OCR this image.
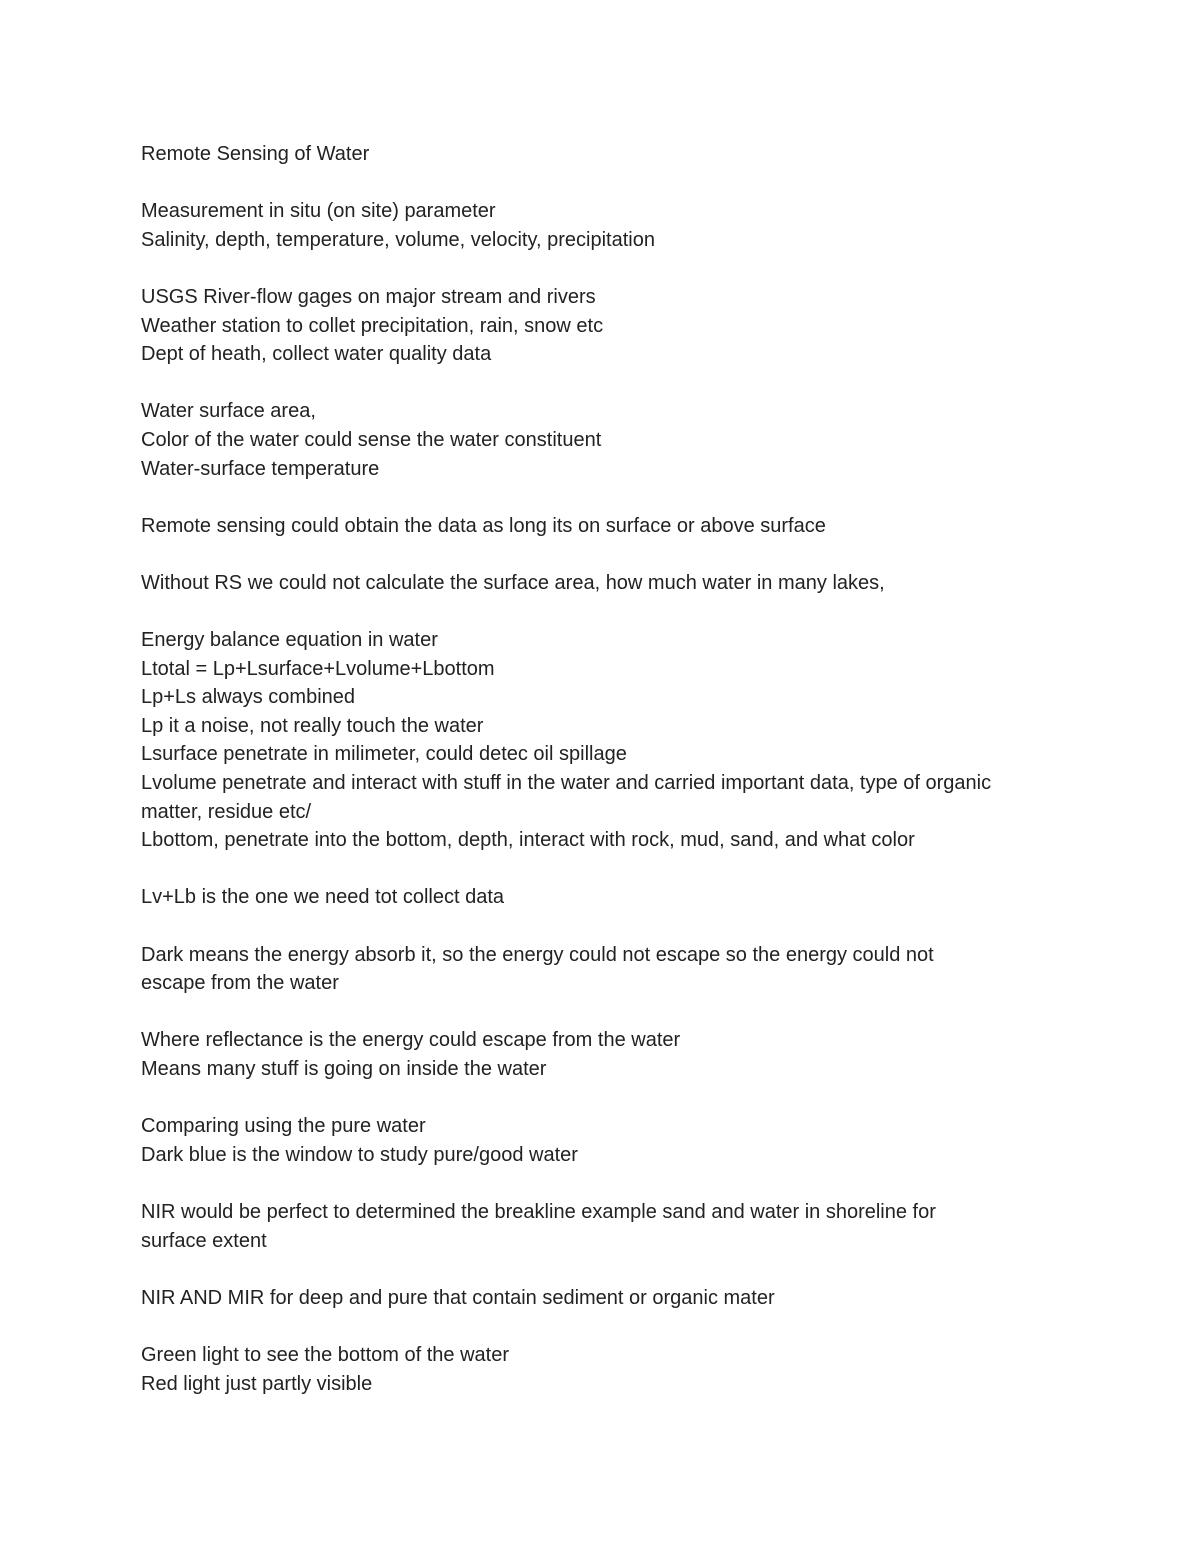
Remote Sensing of Water
Measurement in situ (on site) parameter
Salinity, depth, temperature, volume, velocity, precipitation
USGS River-flow gages on major stream and rivers
Weather station to collet precipitation, rain, snow etc
Dept of heath, collect water quality data
Water surface area,
Color of the water could sense the water constituent
Water-surface temperature
Remote sensing could obtain the data as long its on surface or above surface
Without RS we could not calculate the surface area, how much water in many lakes,
Energy balance equation in water
Ltotal = Lp+Lsurface+Lvolume+Lbottom
Lp+Ls always combined
Lp it a noise, not really touch the water
Lsurface penetrate in milimeter, could detec oil spillage
Lvolume penetrate and interact with stuff in the water and carried important data, type of organic
matter, residue etc/
Lbottom, penetrate into the bottom, depth, interact with rock, mud, sand, and what color
Lv+Lb is the one we need tot collect data
Dark means the energy absorb it, so the energy could not escape so the energy could not
escape from the water
Where reflectance is the energy could escape from the water
Means many stuff is going on inside the water
Comparing using the pure water
Dark blue is the window to study pure/good water
NIR would be perfect to determined the breakline example sand and water in shoreline for
surface extent
NIR AND MIR for deep and pure that contain sediment or organic mater
Green light to see the bottom of the water
Red light just partly visible
